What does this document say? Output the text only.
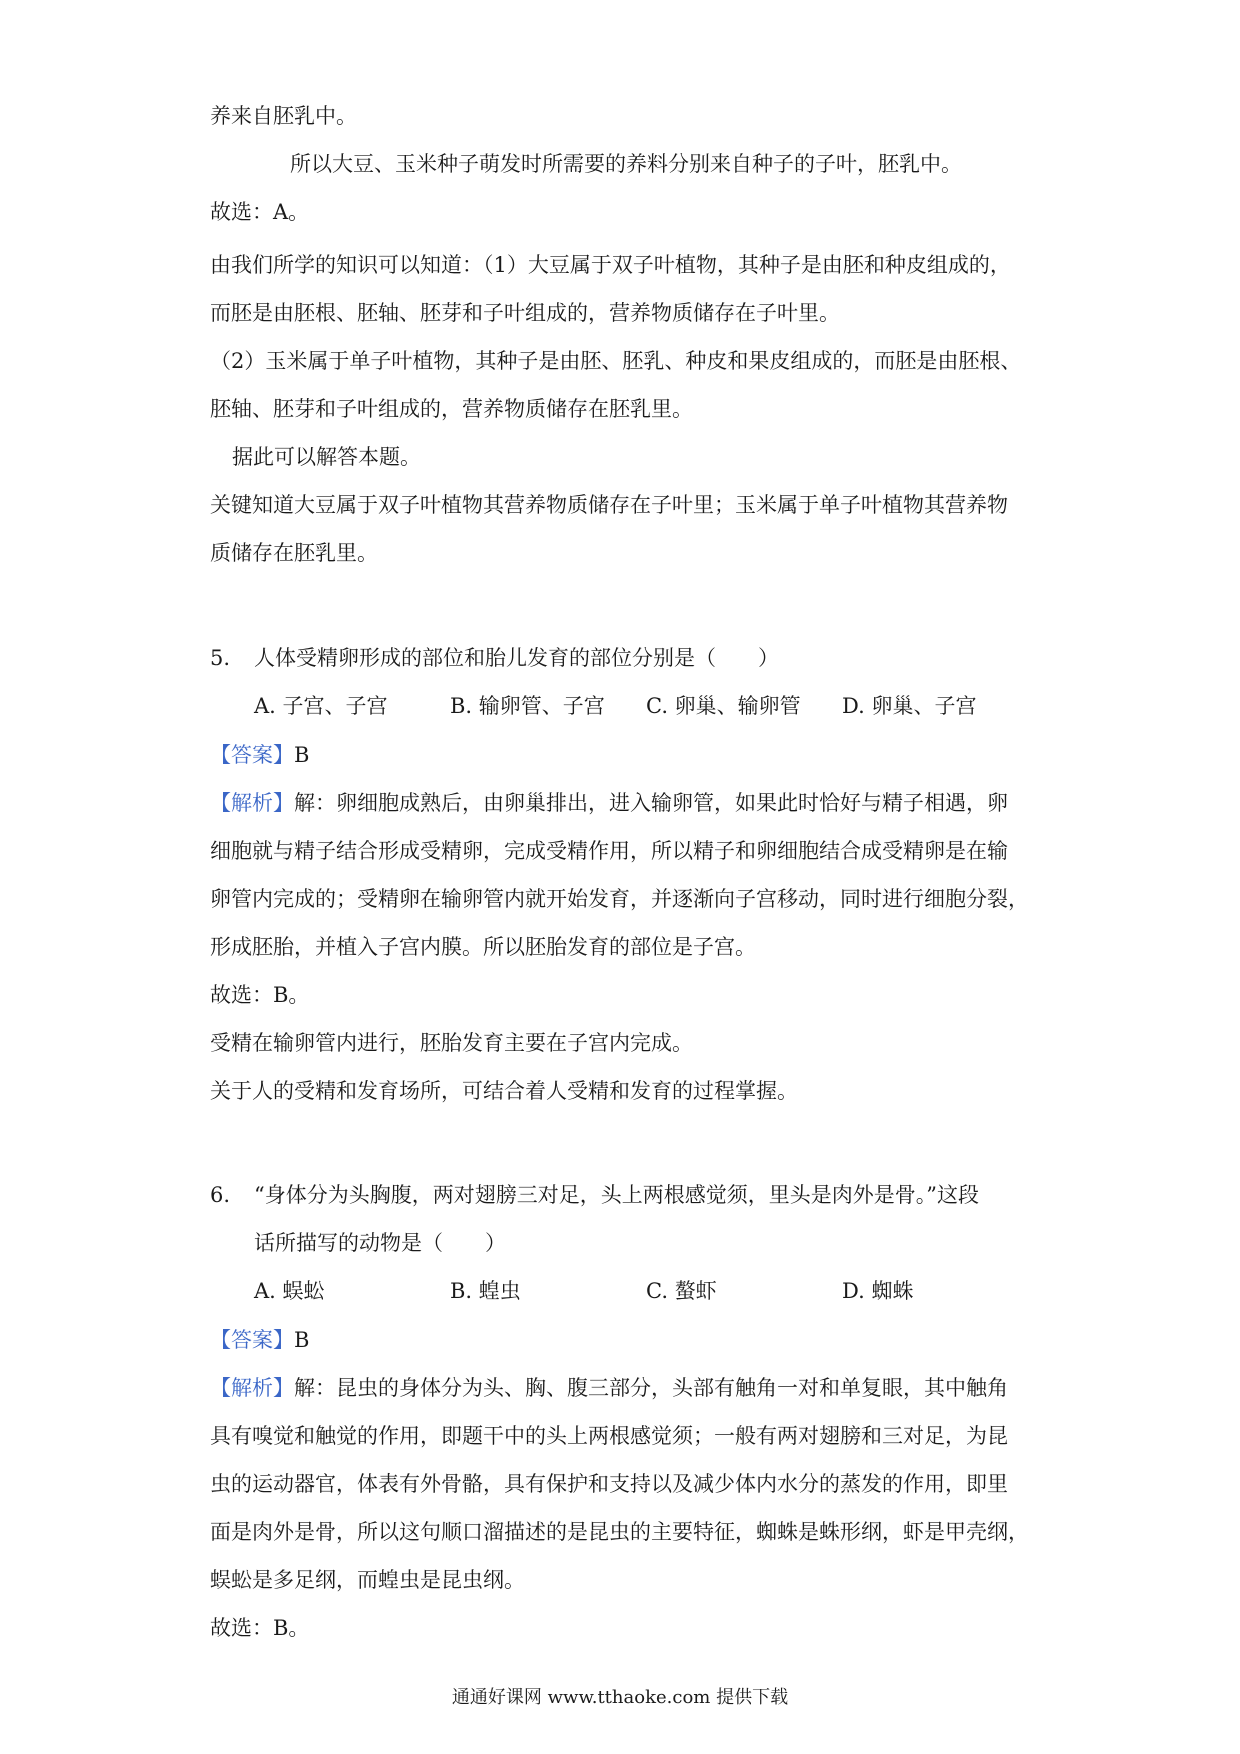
养来自胚乳中。
所以大豆、玉米种子萌发时所需要的养料分别来自种子的子叶，胚乳中。
故选：A。
由我们所学的知识可以知道：（1）大豆属于双子叶植物，其种子是由胚和种皮组成的，
而胚是由胚根、胚轴、胚芽和子叶组成的，营养物质储存在子叶里。
（2）玉米属于单子叶植物，其种子是由胚、胚乳、种皮和果皮组成的，而胚是由胚根、
胚轴、胚芽和子叶组成的，营养物质储存在胚乳里。
据此可以解答本题。
关键知道大豆属于双子叶植物其营养物质储存在子叶里；玉米属于单子叶植物其营养物
质储存在胚乳里。
5. 人体受精卵形成的部位和胎儿发育的部位分别是（　　）
A. 子宫、子宫	B. 输卵管、子宫 C. 卵巢、输卵管 D. 卵巢、子宫
【答案】B
【解析】解：卵细胞成熟后，由卵巢排出，进入输卵管，如果此时恰好与精子相遇，卵
细胞就与精子结合形成受精卵，完成受精作用，所以精子和卵细胞结合成受精卵是在输
卵管内完成的；受精卵在输卵管内就开始发育，并逐渐向子宫移动，同时进行细胞分裂，
形成胚胎，并植入子宫内膜。所以胚胎发育的部位是子宫。
故选：B。
受精在输卵管内进行，胚胎发育主要在子宫内完成。
关于人的受精和发育场所，可结合着人受精和发育的过程掌握。
6. “身体分为头胸腹，两对翅膀三对足，头上两根感觉须，里头是肉外是骨。”这段
话所描写的动物是（　　）
A. 蜈蚣	B. 蝗虫	C. 螯虾	D. 蜘蛛
【答案】B
【解析】解：昆虫的身体分为头、胸、腹三部分，头部有触角一对和单复眼，其中触角
具有嗅觉和触觉的作用，即题干中的头上两根感觉须；一般有两对翅膀和三对足，为昆
虫的运动器官，体表有外骨骼，具有保护和支持以及减少体内水分的蒸发的作用，即里
面是肉外是骨，所以这句顺口溜描述的是昆虫的主要特征，蜘蛛是蛛形纲，虾是甲壳纲，
蜈蚣是多足纲，而蝗虫是昆虫纲。
故选：B。
通通好课网 www.tthaoke.com 提供下载
